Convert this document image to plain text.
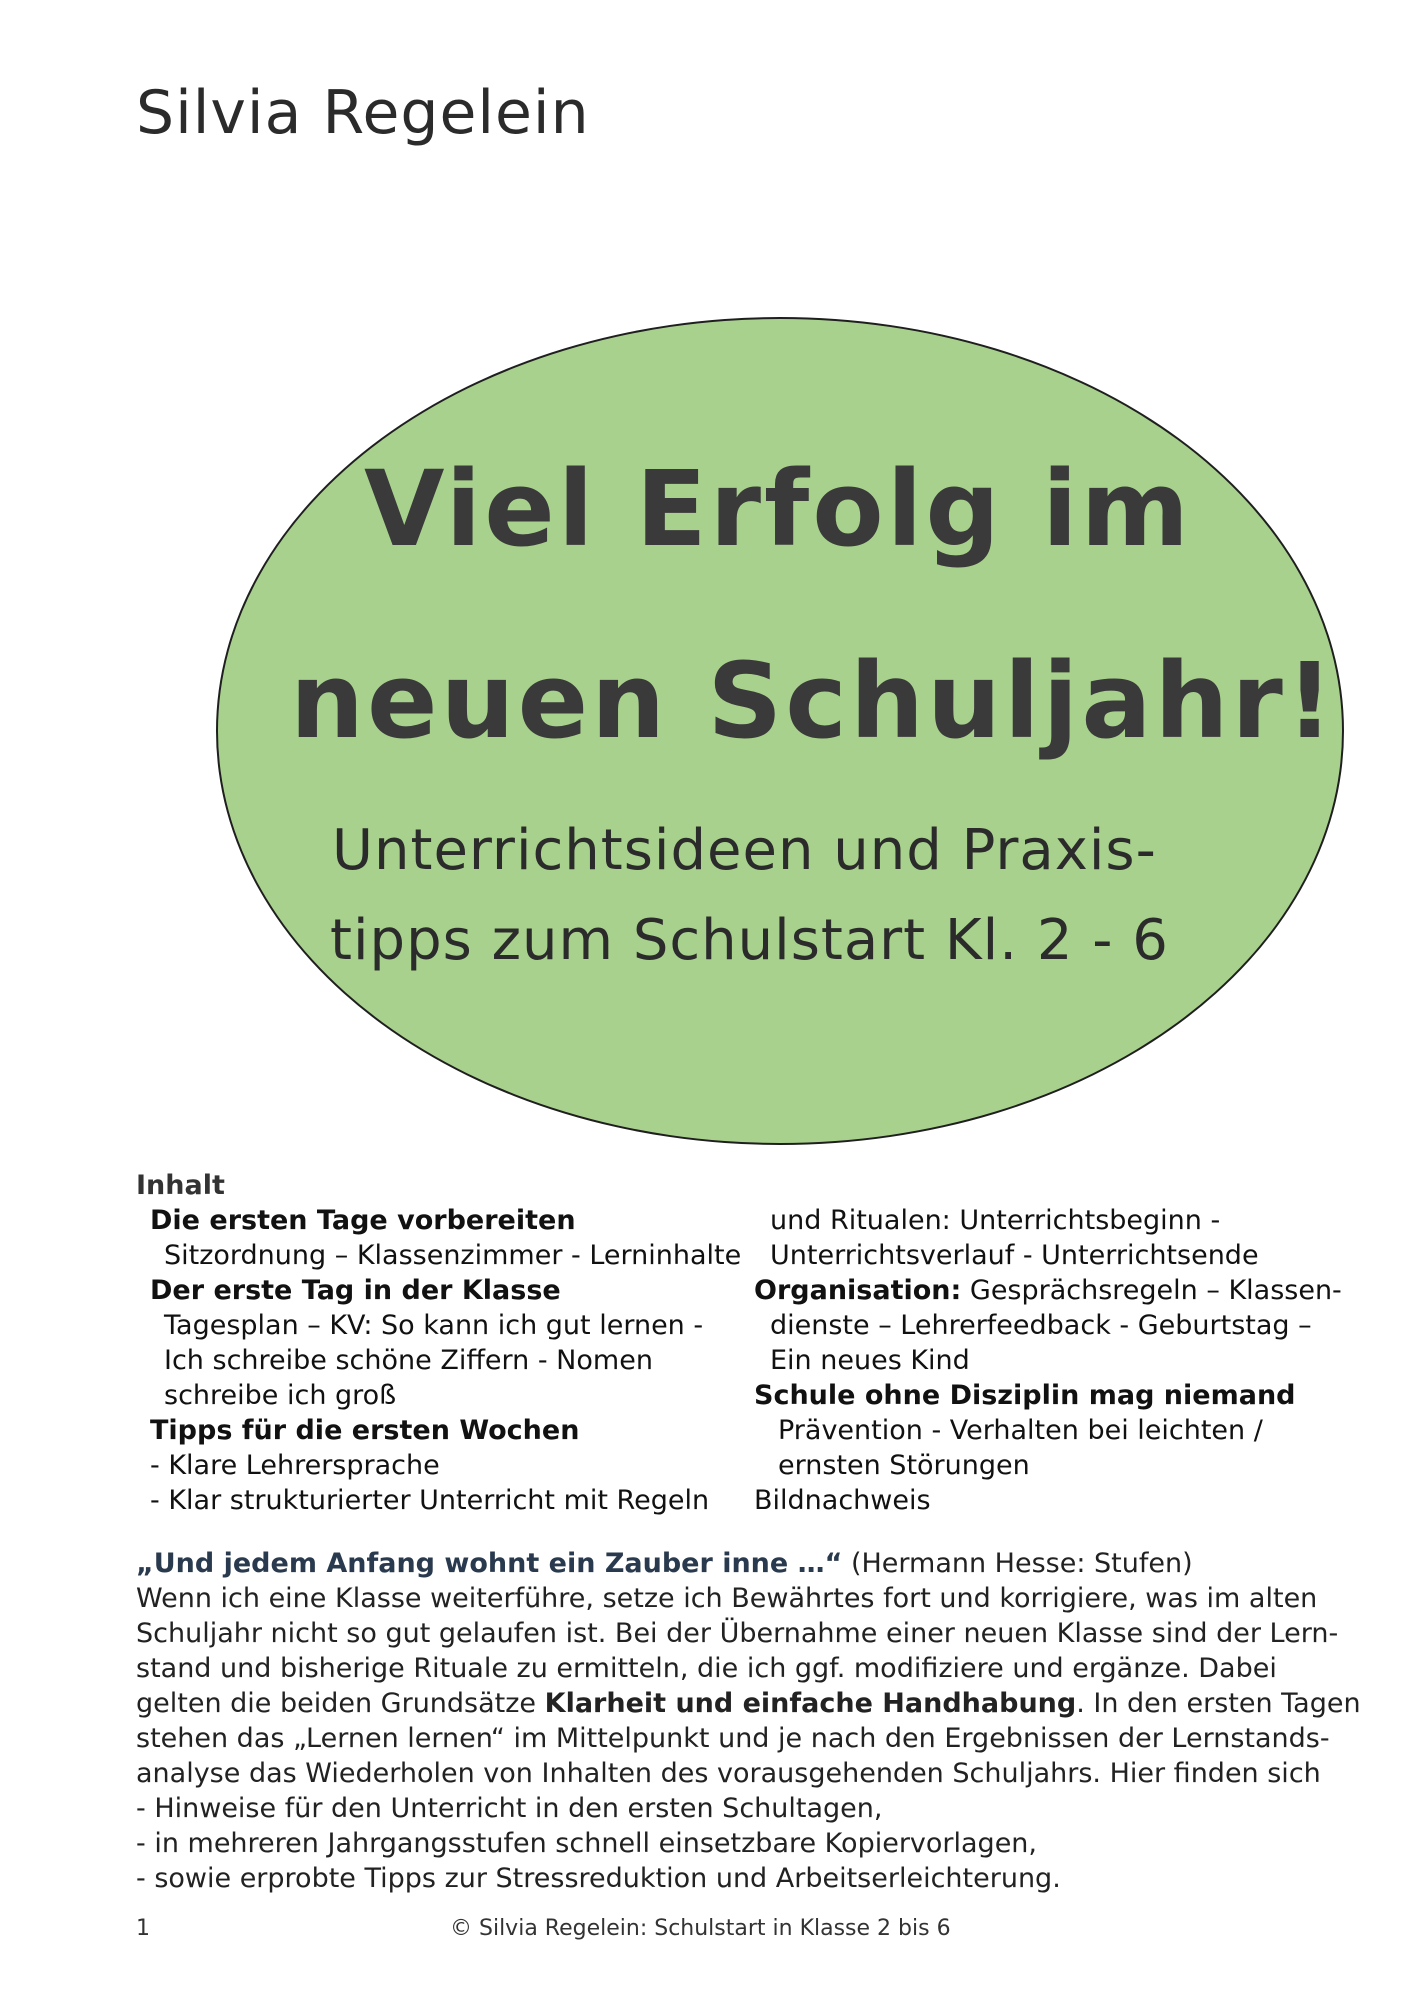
Silvia Regelein
Viel Erfolg im
neuen Schuljahr!
Unterrichtsideen und Praxis-
tipps zum Schulstart Kl. 2 - 6
Inhalt
Die ersten Tage vorbereiten
Sitzordnung – Klassenzimmer - Lerninhalte
Der erste Tag in der Klasse
Tagesplan – KV: So kann ich gut lernen -
Ich schreibe schöne Ziffern - Nomen
schreibe ich groß
Tipps für die ersten Wochen
- Klare Lehrersprache
- Klar strukturierter Unterricht mit Regeln
und Ritualen: Unterrichtsbeginn -
Unterrichtsverlauf - Unterrichtsende
Organisation: Gesprächsregeln – Klassen-
dienste – Lehrerfeedback - Geburtstag –
Ein neues Kind
Schule ohne Disziplin mag niemand
Prävention - Verhalten bei leichten /
ernsten Störungen
Bildnachweis

„Und jedem Anfang wohnt ein Zauber inne …“ (Hermann Hesse: Stufen)

Wenn ich eine Klasse weiterführe, setze ich Bewährtes fort und korrigiere, was im alten

Schuljahr nicht so gut gelaufen ist. Bei der Übernahme einer neuen Klasse sind der Lern-

stand und bisherige Rituale zu ermitteln, die ich ggf. modifiziere und ergänze. Dabei

gelten die beiden Grundsätze Klarheit und einfache Handhabung. In den ersten Tagen

stehen das „Lernen lernen“ im Mittelpunkt und je nach den Ergebnissen der Lernstands-

analyse das Wiederholen von Inhalten des vorausgehenden Schuljahrs. Hier finden sich

- Hinweise für den Unterricht in den ersten Schultagen,

- in mehreren Jahrgangsstufen schnell einsetzbare Kopiervorlagen,

- sowie erprobte Tipps zur Stressreduktion und Arbeitserleichterung.

1	© Silvia Regelein: Schulstart in Klasse 2 bis 6
